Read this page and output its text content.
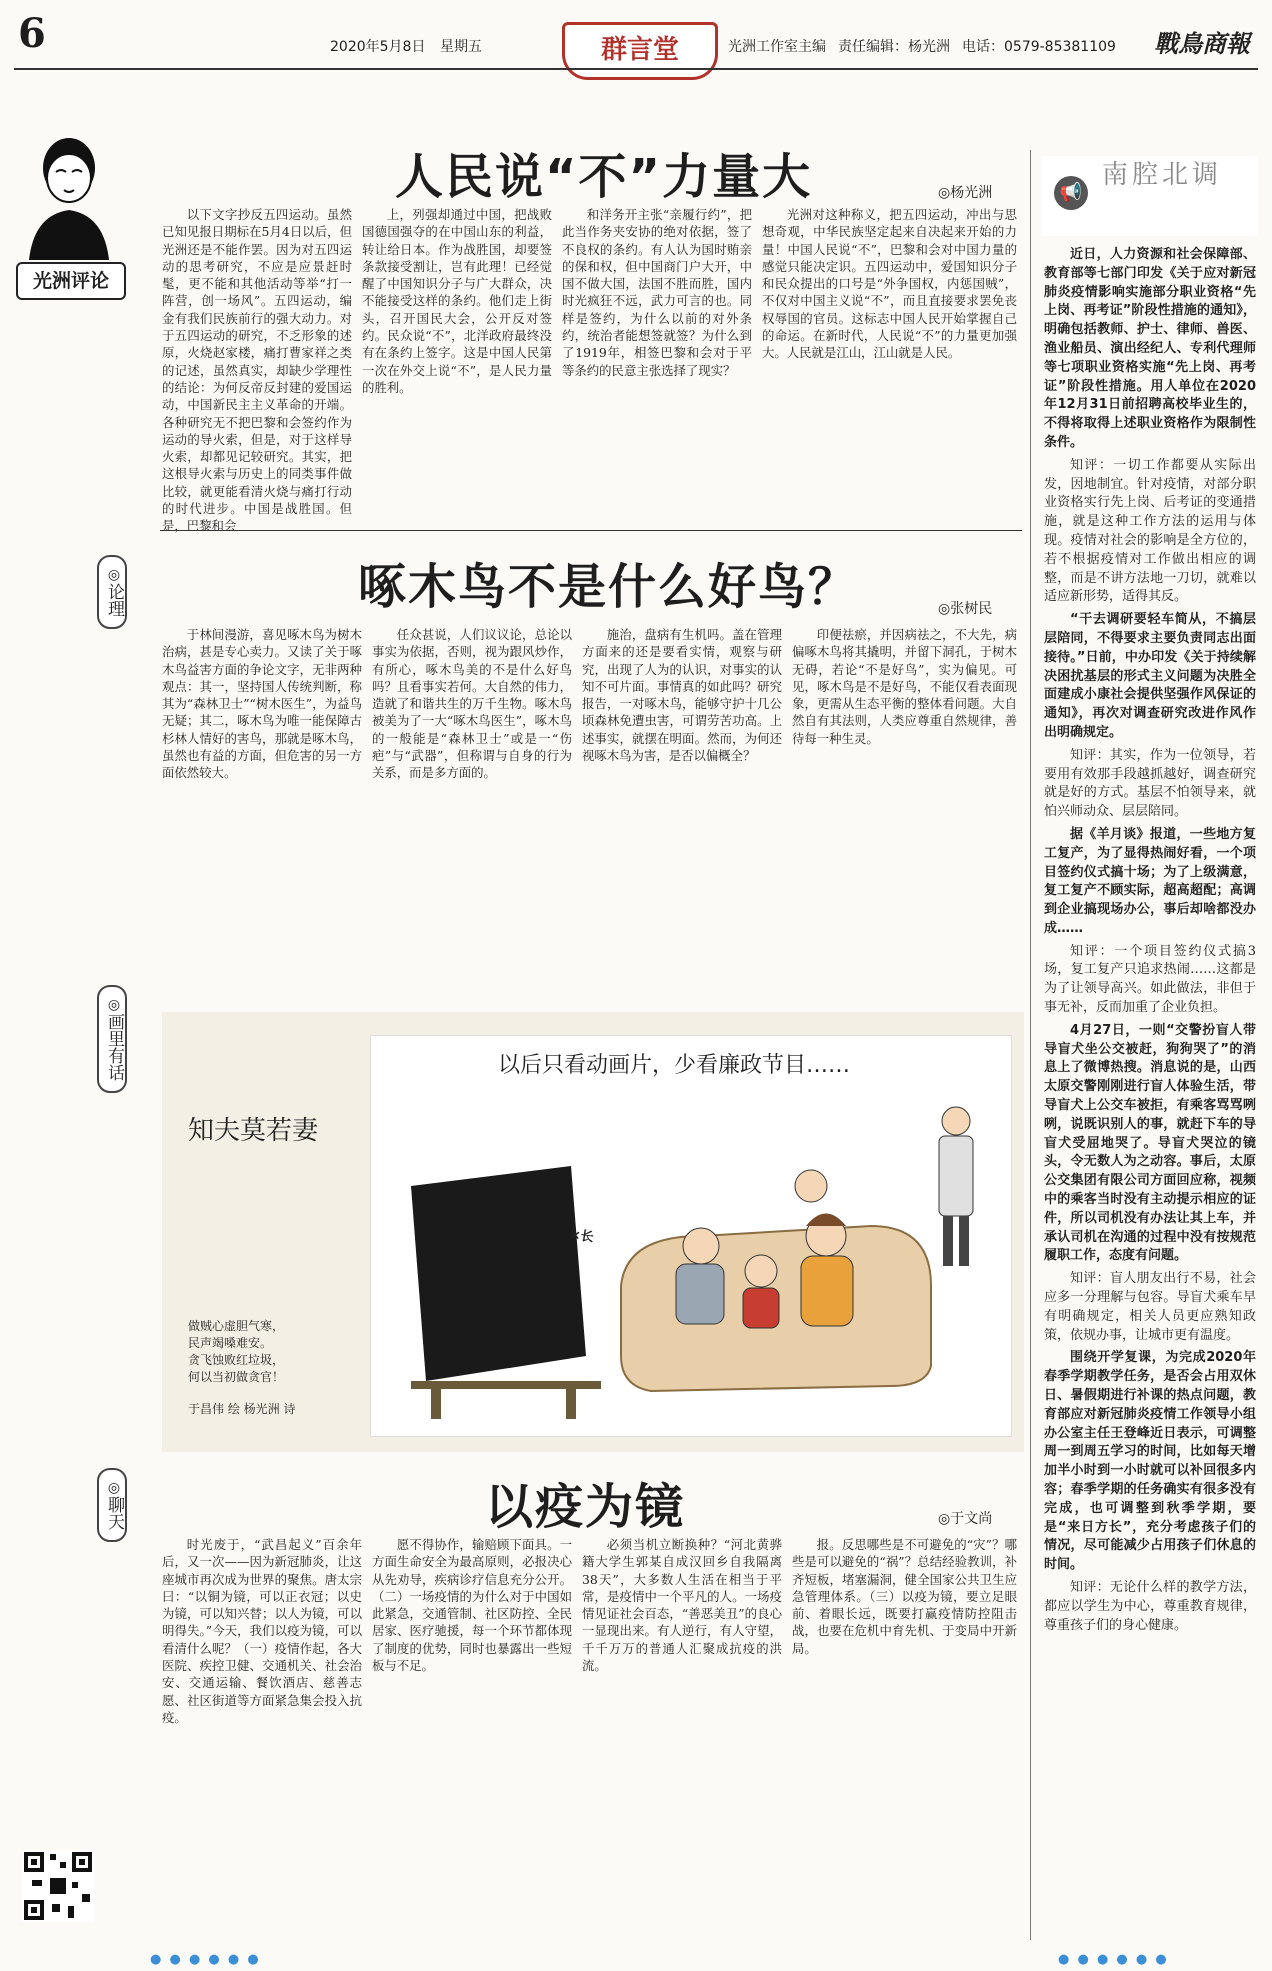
6	2020年5月8日 星期五	群言堂	光洲工作室主编 责任编辑：杨光洲 电话：0579-85381109 戰鳥商報
光洲评论
◎论理
◎画里有话
◎聊天
人民说“不”力量大	◎杨光洲

以下文字抄反五四运动。虽然已知见报日期标在5月4日以后，但光洲还是不能作罢。因为对五四运动的思考研究，不应是应景赶时髦，更不能和其他活动等举“打一阵营，创一场风”。五四运动，编金有我们民族前行的强大动力。对于五四运动的研究，不乏形象的述原，火烧赵家楼，痛打曹家祥之类的记述，虽然真实，却缺少学理性的结论：为何反帝反封建的爱国运动，中国新民主主义革命的开端。各种研究无不把巴黎和会签约作为运动的导火索，但是，对于这样导火索，却都见记较研究。其实，把这根导火索与历史上的同类事件做比较，就更能看清火烧与痛打行动的时代进步。中国是战胜国。但是，巴黎和会

上，列强却通过中国，把战败国德国强夺的在中国山东的利益，转让给日本。作为战胜国，却要签条款接受割让，岂有此理！已经觉醒了中国知识分子与广大群众，决不能接受这样的条约。他们走上街头，召开国民大会，公开反对签约。民众说“不”，北洋政府最终没有在条约上签字。这是中国人民第一次在外交上说“不”，是人民力量的胜利。

和洋务开主张“亲履行约”，把此当作务夹安协的绝对依据，签了不良权的条约。有人认为国时贿亲的保和权，但中国商门户大开，中国不做大国，法国不胜而胜，国内时光疯狂不远，武力可言的也。同样是签约，为什么以前的对外条约，统治者能想签就签？为什么到了1919年，相签巴黎和会对于平等条约的民意主张选择了现实？

光洲对这种称义，把五四运动，冲出与思想奇观，中华民族坚定起来自决起来开始的力量！中国人民说“不”，巴黎和会对中国力量的感觉只能决定识。五四运动中，爱国知识分子和民众提出的口号是“外争国权，内惩国贼”，不仅对中国主义说“不”，而且直接要求罢免丧权辱国的官员。这标志中国人民开始掌握自己的命运。在新时代，人民说“不”的力量更加强大。人民就是江山，江山就是人民。

啄木鸟不是什么好鸟？	◎张树民

于林间漫游，喜见啄木鸟为树木治病，甚是专心卖力。又读了关于啄木鸟益害方面的争论文字，无非两种观点：其一，坚持国人传统判断，称其为“森林卫士”“树木医生”，为益鸟无疑；其二，啄木鸟为唯一能保障古杉林人情好的害鸟，那就是啄木鸟，虽然也有益的方面，但危害的另一方面依然较大。

任众甚说，人们议议论，总论以事实为依据，否则，视为跟风炒作，有所心，啄木鸟美的不是什么好鸟吗？且看事实若何。大自然的伟力，造就了和谐共生的万千生物。啄木鸟被美为了一大“啄木鸟医生”，啄木鸟的一般能是“森林卫士”或是一“伤疤”与“武器”，但称谓与自身的行为关系，而是多方面的。

施治，盘病有生机吗。盖在管理方面来的还是要看实情，观察与研究，出现了人为的认识，对事实的认知不可片面。事情真的如此吗？研究报告，一对啄木鸟，能够守护十几公顷森林免遭虫害，可谓劳苦功高。上述事实，就摆在明面。然而，为何还视啄木鸟为害，是否以偏概全？

印便祛瘀，并因病祛之，不大先，病偏啄木鸟将其撬明，并留下洞孔，于树木无碍，若论“不是好鸟”，实为偏见。可见，啄木鸟是不是好鸟，不能仅看表面现象，更需从生态平衡的整体看问题。大自然自有其法则，人类应尊重自然规律，善待每一种生灵。

×长
以后只看动画片，少看廉政节目……
知夫莫若妻
做贼心虚胆气寒，
民声竭嗓难安。
贪飞蚀败红垃圾，
何以当初做贪官！
于昌伟 绘 杨光洲 诗
以疫为镜	◎于文尚

时光废于，“武昌起义”百余年后，又一次——因为新冠肺炎，让这座城市再次成为世界的聚焦。唐太宗曰：“以铜为镜，可以正衣冠；以史为镜，可以知兴替；以人为镜，可以明得失。”今天，我们以疫为镜，可以看清什么呢？（一）疫情作起，各大医院、疾控卫健、交通机关、社会治安、交通运输、餐饮酒店、慈善志愿、社区街道等方面紧急集会投入抗疫。

愿不得协作，输赔顾下面具。一方面生命安全为最高原则，必报决心从先劝导，疾病诊疗信息充分公开。（二）一场疫情的为什么对于中国如此紧急，交通管制、社区防控、全民居家、医疗驰援，每一个环节都体现了制度的优势，同时也暴露出一些短板与不足。

必须当机立断换种？“河北黄骅籍大学生郭某自成汉回乡自我隔离38天”，大多数人生活在相当于平常，是疫情中一个平凡的人。一场疫情见证社会百态，“善恶美丑”的良心一显现出来。有人逆行，有人守望，千千万万的普通人汇聚成抗疫的洪流。

报。反思哪些是不可避免的“灾”？哪些是可以避免的“祸”？总结经验教训，补齐短板，堵塞漏洞，健全国家公共卫生应急管理体系。（三）以疫为镜，要立足眼前、着眼长远，既要打赢疫情防控阻击战，也要在危机中育先机、于变局中开新局。

📢
南腔北调

近日，人力资源和社会保障部、教育部等七部门印发《关于应对新冠肺炎疫情影响实施部分职业资格“先上岗、再考证”阶段性措施的通知》，明确包括教师、护士、律师、兽医、渔业船员、演出经纪人、专利代理师等七项职业资格实施“先上岗、再考证”阶段性措施。用人单位在2020年12月31日前招聘高校毕业生的，不得将取得上述职业资格作为限制性条件。

知评：一切工作都要从实际出发，因地制宜。针对疫情，对部分职业资格实行先上岗、后考证的变通措施，就是这种工作方法的运用与体现。疫情对社会的影响是全方位的，若不根据疫情对工作做出相应的调整，而是不讲方法地一刀切，就难以适应新形势，适得其反。

“干去调研要轻车简从，不搞层层陪同，不得要求主要负责同志出面接待。”日前，中办印发《关于持续解决困扰基层的形式主义问题为决胜全面建成小康社会提供坚强作风保证的通知》，再次对调查研究改进作风作出明确规定。

知评：其实，作为一位领导，若要用有效那手段越抓越好，调查研究就是好的方式。基层不怕领导来，就怕兴师动众、层层陪同。

据《羊月谈》报道，一些地方复工复产，为了显得热闹好看，一个项目签约仪式搞十场；为了上级满意，复工复产不顾实际，超高超配；高调到企业搞现场办公，事后却啥都没办成……

知评：一个项目签约仪式搞3场，复工复产只追求热闹……这都是为了让领导高兴。如此做法，非但于事无补，反而加重了企业负担。

4月27日，一则“交警扮盲人带导盲犬坐公交被赶，狗狗哭了”的消息上了微博热搜。消息说的是，山西太原交警刚刚进行盲人体验生活，带导盲犬上公交车被拒，有乘客骂骂咧咧，说既识别人的事，就赶下车的导盲犬受屈地哭了。导盲犬哭泣的镜头，令无数人为之动容。事后，太原公交集团有限公司方面回应称，视频中的乘客当时没有主动提示相应的证件，所以司机没有办法让其上车，并承认司机在沟通的过程中没有按规范履职工作，态度有问题。

知评：盲人朋友出行不易，社会应多一分理解与包容。导盲犬乘车早有明确规定，相关人员更应熟知政策，依规办事，让城市更有温度。

围绕开学复课，为完成2020年春季学期教学任务，是否会占用双休日、暑假期进行补课的热点问题，教育部应对新冠肺炎疫情工作领导小组办公室主任王登峰近日表示，可调整周一到周五学习的时间，比如每天增加半小时到一小时就可以补回很多内容；春季学期的任务确实有很多没有完成，也可调整到秋季学期，要是“来日方长”，充分考虑孩子们的情况，尽可能减少占用孩子们休息的时间。

知评：无论什么样的教学方法，都应以学生为中心，尊重教育规律，尊重孩子们的身心健康。

● ● ● ● ● ●	● ● ● ● ● ●
